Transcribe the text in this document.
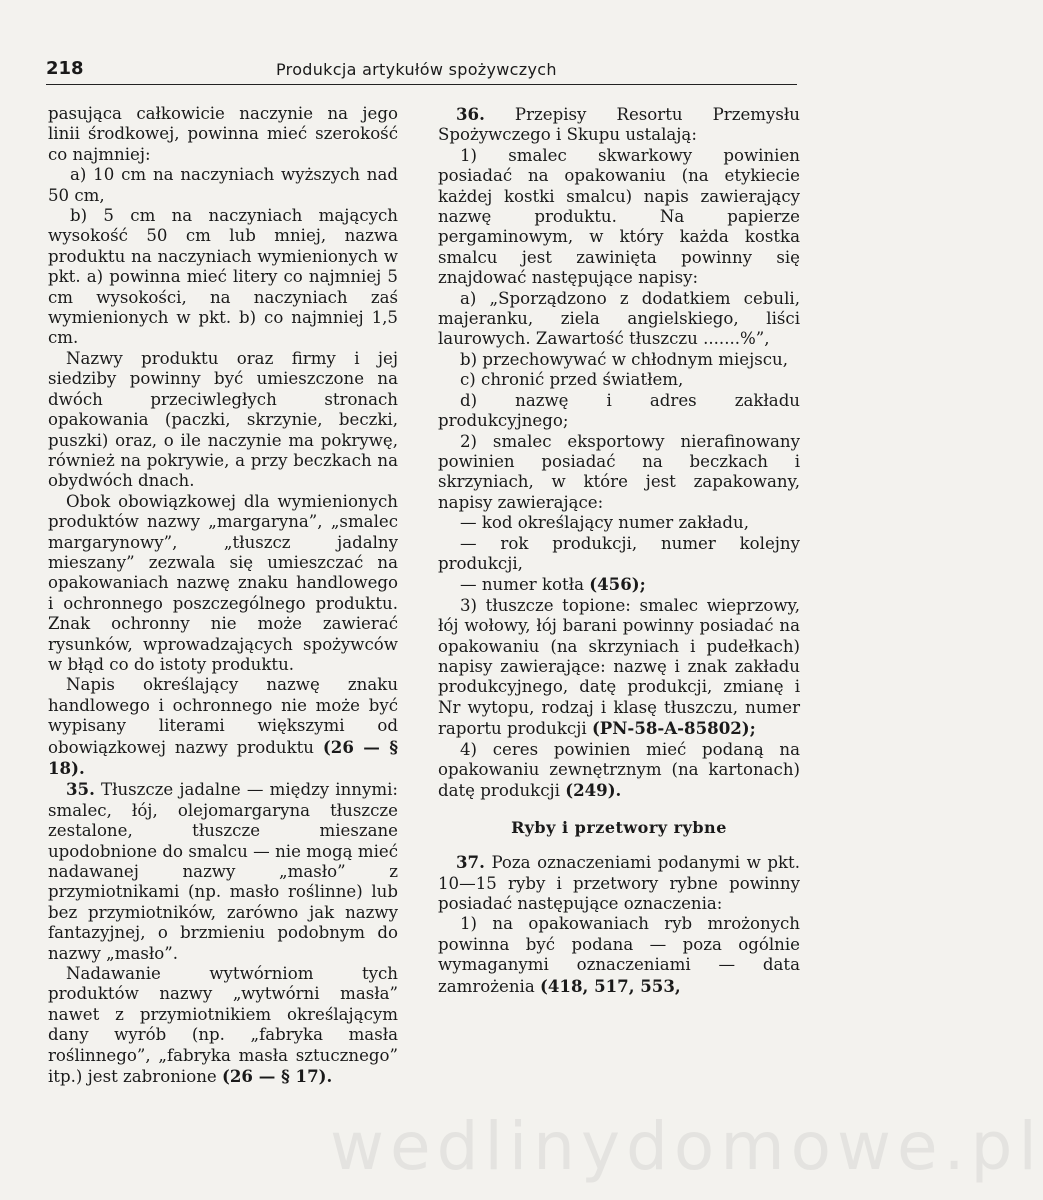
218	Produkcja artykułów spożywczych

pasująca całkowicie naczynie na jego linii środkowej, powinna mieć szerokość co najmniej:

a) 10 cm na naczyniach wyższych nad 50 cm,

b) 5 cm na naczyniach mających wysokość 50 cm lub mniej, nazwa produktu na naczyniach wymienionych w pkt. a) powinna mieć litery co najmniej 5 cm wysokości, na naczyniach zaś wymienionych w pkt. b) co najmniej 1,5 cm.

Nazwy produktu oraz firmy i jej siedziby powinny być umieszczone na dwóch przeciwległych stronach opakowania (paczki, skrzynie, beczki, puszki) oraz, o ile naczynie ma pokrywę, również na pokrywie, a przy beczkach na obydwóch dnach.

Obok obowiązkowej dla wymienionych produktów nazwy „margaryna”, „smalec margarynowy”, „tłuszcz jadalny mieszany” zezwala się umieszczać na opakowaniach nazwę znaku handlowego i ochronnego poszczególnego produktu. Znak ochronny nie może zawierać rysunków, wprowadzających spożywców w błąd co do istoty produktu.

Napis określający nazwę znaku handlowego i ochronnego nie może być wypisany literami większymi od obowiązkowej nazwy produktu (26 — § 18).

35. Tłuszcze jadalne — między innymi: smalec, łój, olejomargaryna tłuszcze zestalone, tłuszcze mieszane upodobnione do smalcu — nie mogą mieć nadawanej nazwy „masło” z przymiotnikami (np. masło roślinne) lub bez przymiotników, zarówno jak nazwy fantazyjnej, o brzmieniu podobnym do nazwy „masło”.

Nadawanie wytwórniom tych produktów nazwy „wytwórni masła” nawet z przymiotnikiem określającym dany wyrób (np. „fabryka masła roślinnego”, „fabryka masła sztucznego” itp.) jest zabronione (26 — § 17).

36. Przepisy Resortu Przemysłu Spożywczego i Skupu ustalają:

1) smalec skwarkowy powinien posiadać na opakowaniu (na etykiecie każdej kostki smalcu) napis zawierający nazwę produktu. Na papierze pergaminowym, w który każda kostka smalcu jest zawinięta powinny się znajdować następujące napisy:

a) „Sporządzono z dodatkiem cebuli, majeranku, ziela angielskiego, liści laurowych. Zawartość tłuszczu .......%”,

b) przechowywać w chłodnym miejscu,

c) chronić przed światłem,

d) nazwę i adres zakładu produkcyjnego;

2) smalec eksportowy nierafinowany powinien posiadać na beczkach i skrzyniach, w które jest zapakowany, napisy zawierające:

— kod określający numer zakładu,

— rok produkcji, numer kolejny produkcji,

— numer kotła (456);

3) tłuszcze topione: smalec wieprzowy, łój wołowy, łój barani powinny posiadać na opakowaniu (na skrzyniach i pudełkach) napisy zawierające: nazwę i znak zakładu produkcyjnego, datę produkcji, zmianę i Nr wytopu, rodzaj i klasę tłuszczu, numer raportu produkcji (PN-58-A-85802);

4) ceres powinien mieć podaną na opakowaniu zewnętrznym (na kartonach) datę produkcji (249).

Ryby i przetwory rybne

37. Poza oznaczeniami podanymi w pkt. 10—15 ryby i przetwory rybne powinny posiadać następujące oznaczenia:

1) na opakowaniach ryb mrożonych powinna być podana — poza ogólnie wymaganymi oznaczeniami — data zamrożenia (418, 517, 553,

wedlinydomowe.pl
